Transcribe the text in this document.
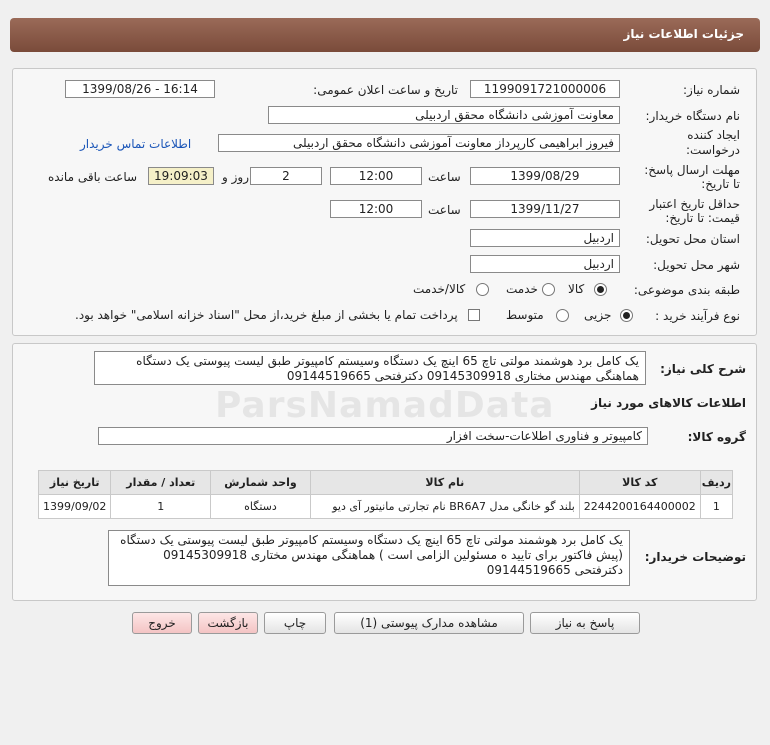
جزئیات اطلاعات نیاز
شماره نیاز:
1199091721000006
تاریخ و ساعت اعلان عمومی:
1399/08/26 - 16:14
نام دستگاه خریدار:
معاونت آموزشی دانشگاه محقق اردبیلی
ایجاد کننده
درخواست:
فیروز ابراهیمی کارپرداز معاونت آموزشی دانشگاه محقق اردبیلی
اطلاعات تماس خریدار
مهلت ارسال پاسخ:
تا تاریخ:
1399/08/29
ساعت
12:00
2
روز و
19:09:03
ساعت باقی مانده
حداقل تاریخ اعتبار
قیمت: تا تاریخ:
1399/11/27
ساعت
12:00
استان محل تحویل:
اردبیل
شهر محل تحویل:
اردبیل
طبقه بندی موضوعی:
کالا
خدمت
کالا/خدمت
نوع فرآیند خرید :
جزیی
متوسط
پرداخت تمام یا بخشی از مبلغ خرید،از محل "اسناد خزانه اسلامی" خواهد بود.
شرح کلی نیاز:
یک کامل برد هوشمند مولتی تاچ 65 اینچ یک دستگاه وسیستم کامپیوتر طبق لیست پیوستی یک دستگاه هماهنگی مهندس مختاری 09145309918 دکترفتحی 09144519665
ParsNamadData	اطلاعات کالاهای مورد نیاز
گروه کالا:
کامپیوتر و فناوری اطلاعات-سخت افزار
ردیف	کد کالا	نام کالا	واحد شمارش	تعداد / مقدار	تاریخ نیاز
1	2244200164400002	بلند گو خانگی مدل BR6A7 نام تجارتی مانیتور آی دیو	دستگاه	1	1399/09/02
توضیحات خریدار:
یک کامل برد هوشمند مولتی تاچ 65 اینچ یک دستگاه وسیستم کامپیوتر طبق لیست پیوستی یک دستگاه (پیش فاکتور برای تایید ه مسئولین الزامی است ) هماهنگی مهندس مختاری 09145309918 دکترفتحی 09144519665
پاسخ به نیاز
مشاهده مدارک پیوستی (1)
چاپ
بازگشت
خروج
